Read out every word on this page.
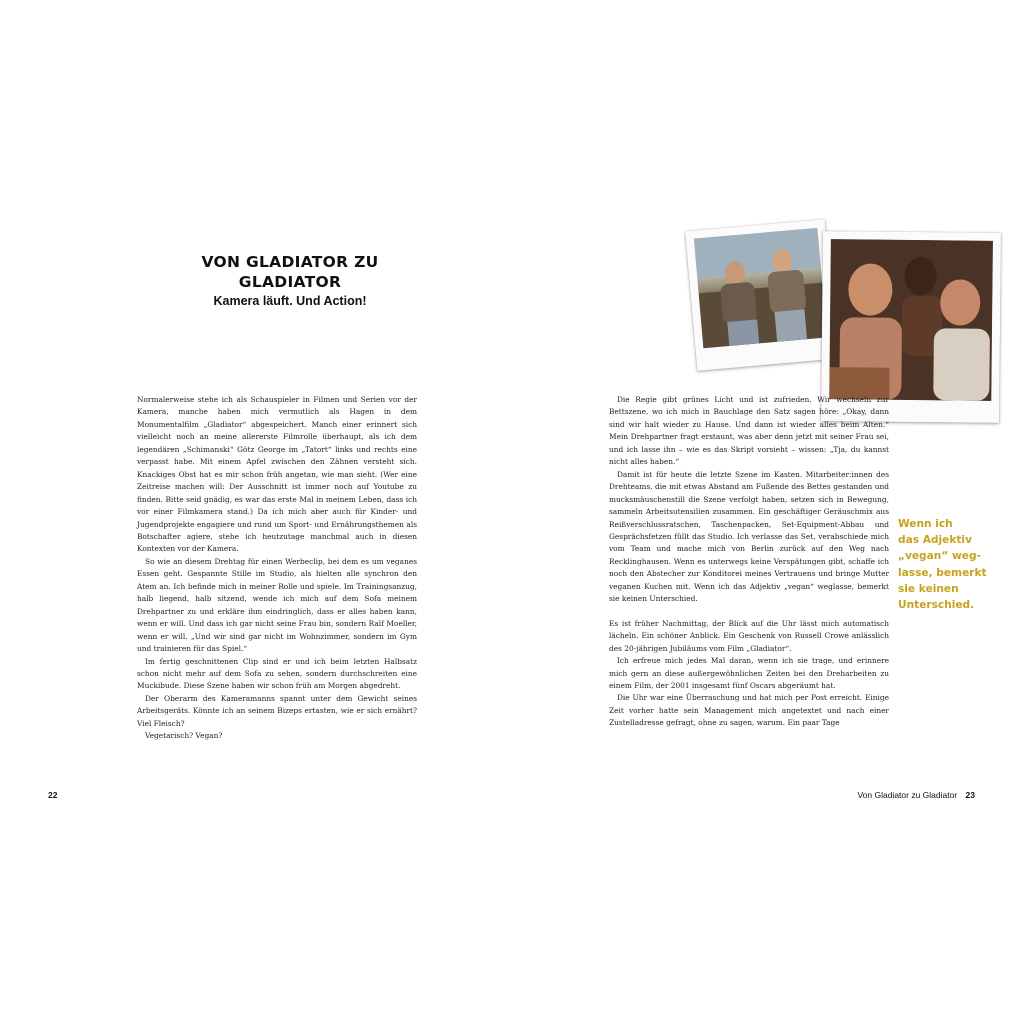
VON GLADIATOR ZU GLADIATOR
Kamera läuft. Und Action!

Normalerweise stehe ich als Schauspieler in Filmen und Serien vor der Kamera, manche haben mich vermutlich als Hagen in dem Monumentalfilm „Gladiator“ abgespeichert. Manch einer erinnert sich vielleicht noch an meine allererste Filmrolle überhaupt, als ich dem legendären „Schimanski“ Götz George im „Tatort“ links und rechts eine verpasst habe. Mit einem Apfel zwischen den Zähnen versteht sich. Knackiges Obst hat es mir schon früh angetan, wie man sieht. (Wer eine Zeitreise machen will: Der Ausschnitt ist immer noch auf Youtube zu finden. Bitte seid gnädig, es war das erste Mal in meinem Leben, dass ich vor einer Filmkamera stand.) Da ich mich aber auch für Kinder- und Jugendprojekte engagiere und rund um Sport- und Ernährungsthemen als Botschafter agiere, stehe ich heutzutage manchmal auch in diesen Kontexten vor der Kamera.

So wie an diesem Drehtag für einen Werbeclip, bei dem es um veganes Essen geht. Gespannte Stille im Studio, als hielten alle synchron den Atem an. Ich befinde mich in meiner Rolle und spiele. Im Trainingsanzug, halb liegend, halb sitzend, wende ich mich auf dem Sofa meinem Drehpartner zu und erkläre ihm eindringlich, dass er alles haben kann, wenn er will. Und dass ich gar nicht seine Frau bin, sondern Ralf Moeller, wenn er will. „Und wir sind gar nicht im Wohnzimmer, sondern im Gym und trainieren für das Spiel.“

Im fertig geschnittenen Clip sind er und ich beim letzten Halbsatz schon nicht mehr auf dem Sofa zu sehen, sondern durchschreiten eine Muckibude. Diese Szene haben wir schon früh am Morgen abgedreht.

Der Oberarm des Kameramanns spannt unter dem Gewicht seines Arbeitsgeräts. Könnte ich an seinem Bizeps ertasten, wie er sich ernährt? Viel Fleisch?

Vegetarisch? Vegan?

22

Die Regie gibt grünes Licht und ist zufrieden. Wir wechseln zur Bettszene, wo ich mich in Bauchlage den Satz sagen höre: „Okay, dann sind wir halt wieder zu Hause. Und dann ist wieder alles beim Alten.“ Mein Drehpartner fragt erstaunt, was aber denn jetzt mit seiner Frau sei, und ich lasse ihn – wie es das Skript vorsieht – wissen: „Tja, du kannst nicht alles haben.“

Damit ist für heute die letzte Szene im Kasten. Mitarbeiter:innen des Drehteams, die mit etwas Abstand am Fußende des Bettes gestanden und mucksmäuschenstill die Szene verfolgt haben, setzen sich in Bewegung, sammeln Arbeitsutensilien zusammen. Ein geschäftiger Geräuschmix aus Reißverschlussratschen, Taschenpacken, Set-Equipment-Abbau und Gesprächsfetzen füllt das Studio. Ich verlasse das Set, verabschiede mich vom Team und mache mich von Berlin zurück auf den Weg nach Recklinghausen. Wenn es unterwegs keine Verspätungen gibt, schaffe ich noch den Abstecher zur Konditorei meines Vertrauens und bringe Mutter veganen Kuchen mit. Wenn ich das Adjektiv „vegan“ weglasse, bemerkt sie keinen Unterschied.

Es ist früher Nachmittag, der Blick auf die Uhr lässt mich automatisch lächeln. Ein schöner Anblick. Ein Geschenk von Russell Crowe anlässlich des 20-jährigen Jubiläums vom Film „Gladiator“.

Ich erfreue mich jedes Mal daran, wenn ich sie trage, und erinnere mich gern an diese außergewöhnlichen Zeiten bei den Dreharbeiten zu einem Film, der 2001 insgesamt fünf Oscars abgeräumt hat.

Die Uhr war eine Überraschung und hat mich per Post erreicht. Einige Zeit vorher hatte sein Management mich angetextet und nach einer Zustelladresse gefragt, ohne zu sagen, warum. Ein paar Tage

Wenn ich
das Adjektiv
„vegan“ weg-
lasse, bemerkt
sie keinen
Unterschied.
Von Gladiator zu Gladiator 23
